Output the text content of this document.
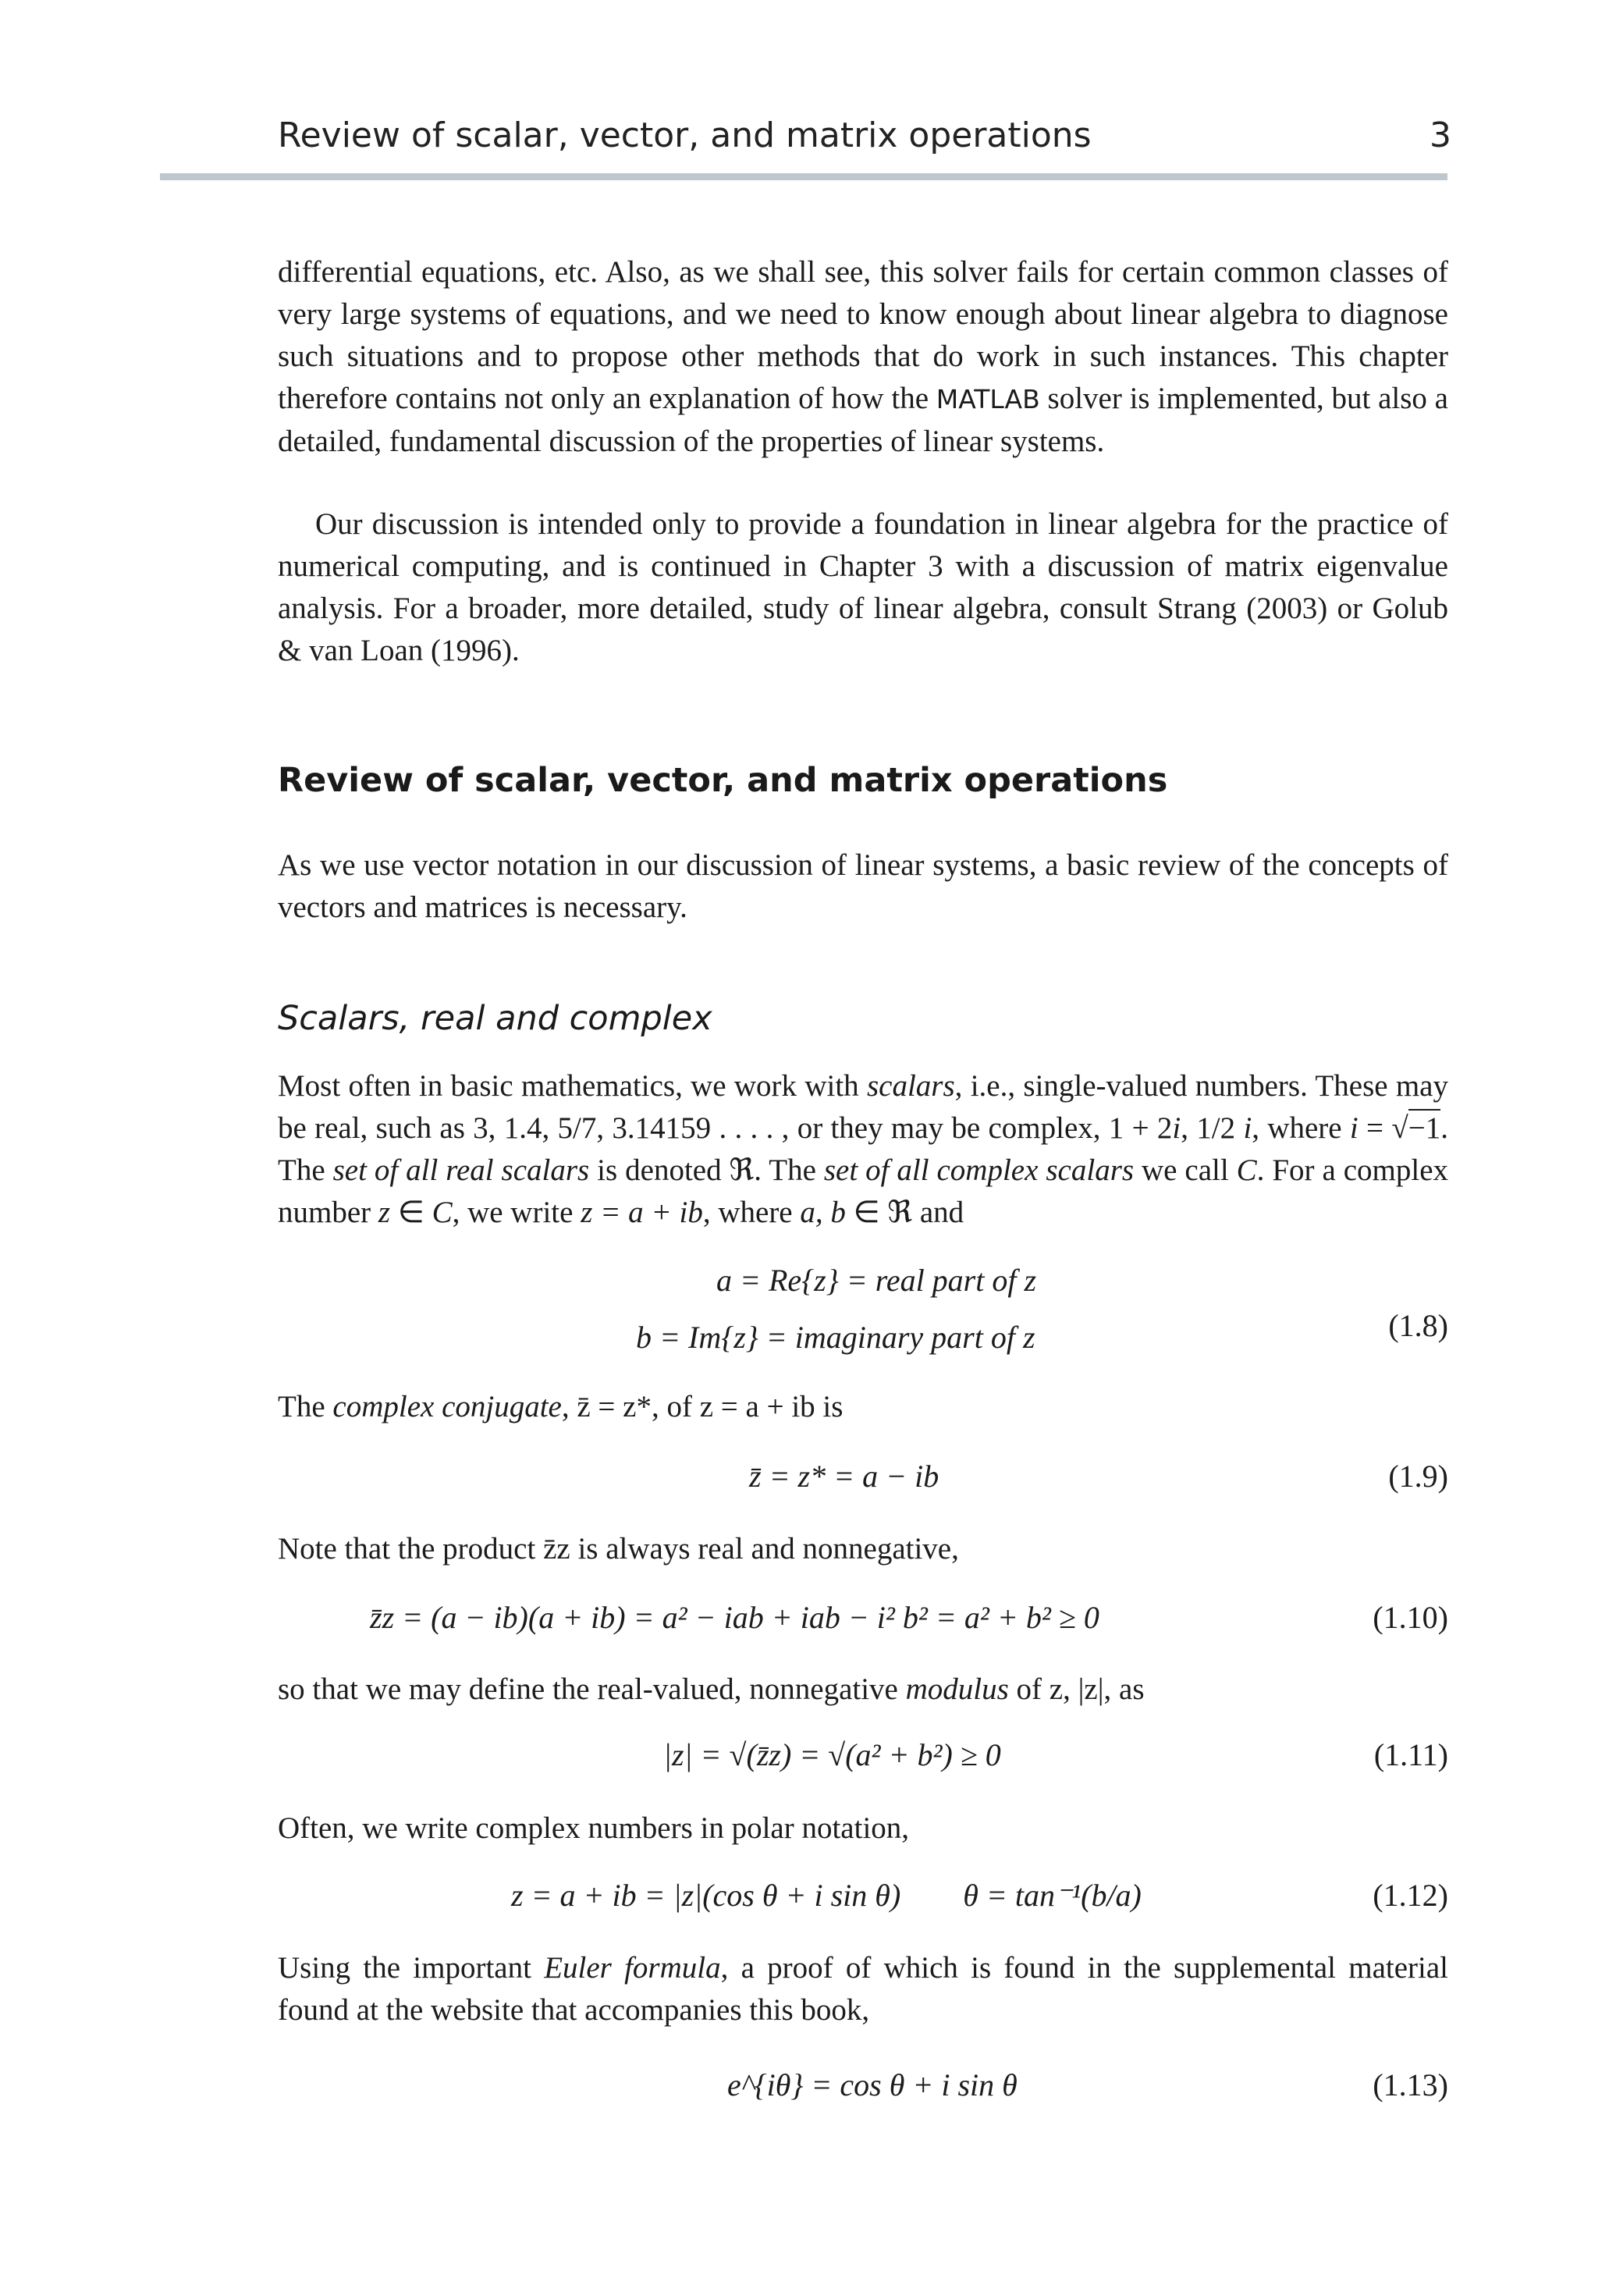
Review of scalar, vector, and matrix operations	3

differential equations, etc. Also, as we shall see, this solver fails for certain common classes of very large systems of equations, and we need to know enough about linear algebra to diagnose such situations and to propose other methods that do work in such instances. This chapter therefore contains not only an explanation of how the MATLAB solver is implemented, but also a detailed, fundamental discussion of the properties of linear systems.

Our discussion is intended only to provide a foundation in linear algebra for the practice of numerical computing, and is continued in Chapter 3 with a discussion of matrix eigenvalue analysis. For a broader, more detailed, study of linear algebra, consult Strang (2003) or Golub & van Loan (1996).

Review of scalar, vector, and matrix operations
As we use vector notation in our discussion of linear systems, a basic review of the concepts of vectors and matrices is necessary.
Scalars, real and complex

Most often in basic mathematics, we work with scalars, i.e., single-valued numbers. These may be real, such as 3, 1.4, 5/7, 3.14159 . . . . , or they may be complex, 1 + 2i, 1/2 i, where i = √−1. The set of all real scalars is denoted ℜ. The set of all complex scalars we call C. For a complex number z ∈ C, we write z = a + ib, where a, b ∈ ℜ and

a = Re{z} = real part of z
b = Im{z} = imaginary part of z	(1.8)
The complex conjugate, z̄ = z*, of z = a + ib is
z̄ = z* = a − ib	(1.9)
Note that the product z̄z is always real and nonnegative,
z̄z = (a − ib)(a + ib) = a² − iab + iab − i² b² = a² + b² ≥ 0	(1.10)
so that we may define the real-valued, nonnegative modulus of z, |z|, as
|z| = √(z̄z) = √(a² + b²) ≥ 0	(1.11)
Often, we write complex numbers in polar notation,
z = a + ib = |z|(cos θ + i sin θ)        θ = tan⁻¹(b/a)	(1.12)

Using the important Euler formula, a proof of which is found in the supplemental material found at the website that accompanies this book,

e^{iθ} = cos θ + i sin θ	(1.13)
